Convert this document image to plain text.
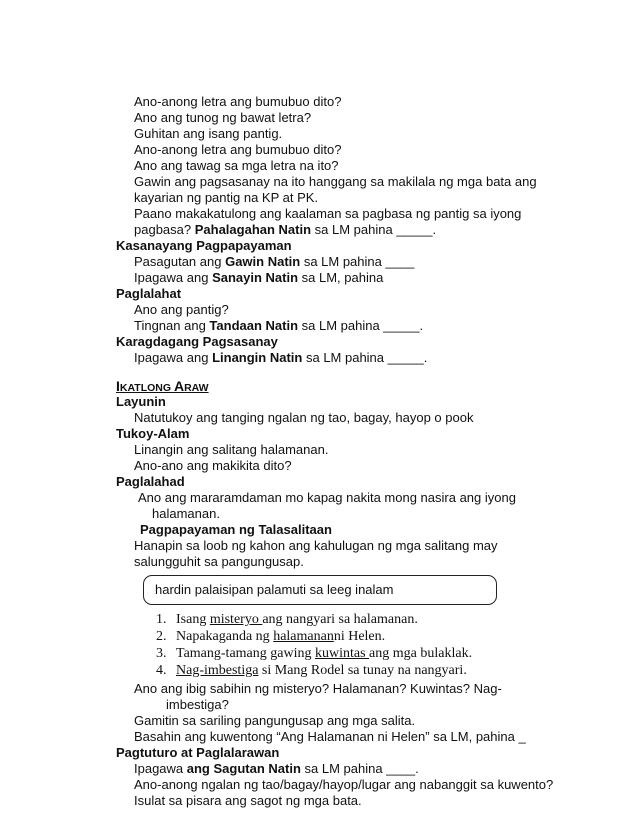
Ano-anong letra ang bumubuo dito?
Ano ang tunog ng bawat letra?
Guhitan ang isang pantig.
Ano-anong letra ang bumubuo dito?
Ano ang tawag sa mga letra na ito?
Gawin ang pagsasanay na ito hanggang sa makilala ng mga bata ang
kayarian ng pantig na KP at PK.
Paano makakatulong ang kaalaman sa pagbasa ng pantig sa iyong
pagbasa? Pahalagahan Natin sa LM pahina _____.
Kasanayang Pagpapayaman
Pasagutan ang Gawin Natin sa LM pahina ____
Ipagawa ang Sanayin Natin sa LM, pahina
Paglalahat
Ano ang pantig?
Tingnan ang Tandaan Natin sa LM pahina _____.
Karagdagang Pagsasanay
Ipagawa ang Linangin Natin sa LM pahina _____.
IKATLONG ARAW
Layunin
Natutukoy ang tanging ngalan ng tao, bagay, hayop o pook
Tukoy-Alam
Linangin ang salitang halamanan.
Ano-ano ang makikita dito?
Paglalahad
Ano ang mararamdaman mo kapag nakita mong nasira ang iyong
halamanan.
Pagpapayaman ng Talasalitaan
Hanapin sa loob ng kahon ang kahulugan ng mga salitang may
salungguhit sa pangungusap.
hardin palaisipan palamuti sa leeg inalam
1. Isang misteryo ang nangyari sa halamanan.
2. Napakaganda ng halamananni Helen.
3. Tamang-tamang gawing kuwintas ang mga bulaklak.
4. Nag-imbestiga si Mang Rodel sa tunay na nangyari.
Ano ang ibig sabihin ng misteryo? Halamanan? Kuwintas? Nag-
imbestiga?
Gamitin sa sariling pangungusap ang mga salita.
Basahin ang kuwentong “Ang Halamanan ni Helen” sa LM, pahina _
Pagtuturo at Paglalarawan
Ipagawa ang Sagutan Natin sa LM pahina ____.
Ano-anong ngalan ng tao/bagay/hayop/lugar ang nabanggit sa kuwento?
Isulat sa pisara ang sagot ng mga bata.
